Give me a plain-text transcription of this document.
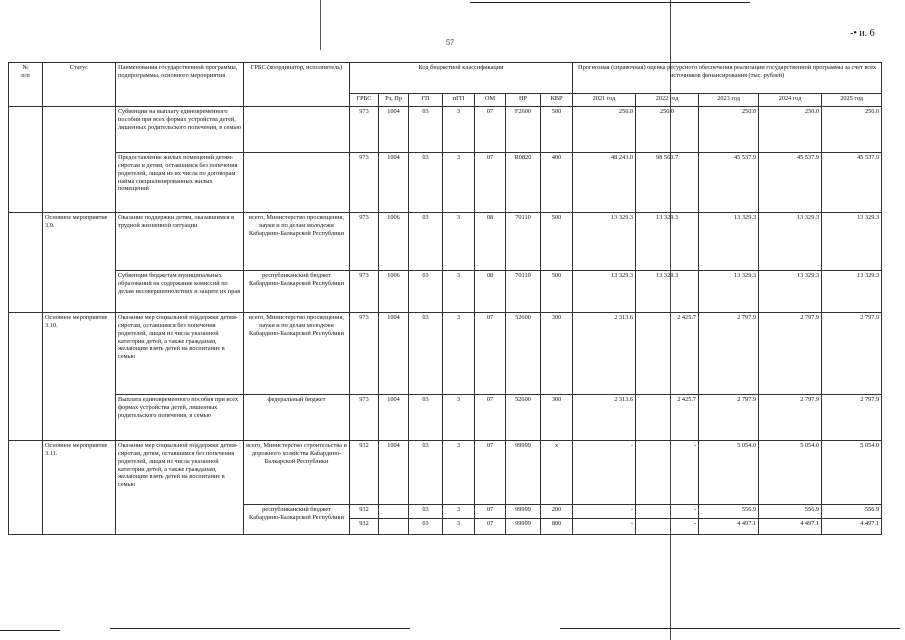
57
‑• и. 6
№
п/п	Статус	Наименования государственной программы, подпрограммы, основного мероприятия	ГРБС (координатор, исполнитель)	Код бюджетной классификации							Прогнозная (справочная) оценка ресурсного обеспечения реализации государственной программы за счет всех источников финансирования (тыс. рублей)				
				ГРБС	Рз, Пр	ГП	пГП	ОМ	НР	КВР	2021 год	2022 год	2023 год	2024 год	2025 год
		Субвенции на выплату единовременного пособия при всех формах устройства детей, лишенных родительского попечения, в семью		973	1004	03	3	07	F2600	500	250.0	250.0	250.0	250.0	250.0
		Предоставление жилых помещений детям-сиротам и детям, оставшимся без попечения родителей, лицам из их числа по договорам найма специализированных жилых помещений		973	1004	03	3	07	R0820	400	48 243.0	98 563.7	45 537.9	45 537.9	45 537.9
	Основное мероприятие 3.9.	Оказание поддержки детям, оказавшимся в трудной жизненной ситуации	всего, Министерство просвещения, науки и по делам молодежи Кабардино-Балкарской Республики	973	1006	03	3	08	70110	500	13 329.3	13 329.3	13 329.3	13 329.3	13 329.3
		Субвенции бюджетам муниципальных образований на содержание комиссий по делам несовершеннолетних и защите их прав	республиканский бюджет Кабардино-Балкарской Республики	973	1006	03	3	08	70110	500	13 329.3	13 329.3	13 329.3	13 329.3	13 329.3
	Основное мероприятие 3.10.	Оказание мер социальной поддержки детям-сиротам, оставшимся без попечения родителей, лицам из числа указанной категории детей, а также гражданам, желающим взять детей на воспитание в семью	всего, Министерство просвещения, науки и по делам молодежи Кабардино-Балкарской Республики	973	1004	03	3	07	52600	300	2 313.6	2 425.7	2 797.9	2 797.9	2 797.9
		Выплата единовременного пособия при всех формах устройства детей, лишенных родительского попечения, в семью	федеральный бюджет	973	1004	03	3	07	52600	300	2 313.6	2 425.7	2 797.9	2 797.9	2 797.9
	Основное мероприятие 3.11.	Оказание мер социальной поддержки детям-сиротам, детям, оставшимся без попечения родителей, лицам из числа указанной категории детей, а также гражданам, желающим взять детей на воспитание в семью	всего, Министерство строительства и дорожного хозяйства Кабардино-Балкарской Республики	932	1004	03	3	07	99999	х	-	-	5 054.0	5 054.0	5 054.0
			республиканский бюджет Кабардино-Балкарской Республики	932		03	3	07	99999	200	-	-	556.9	556.9	556.9
				932		03	3	07	99999	800	-	-	4 497.1	4 497.1	4 497.1
